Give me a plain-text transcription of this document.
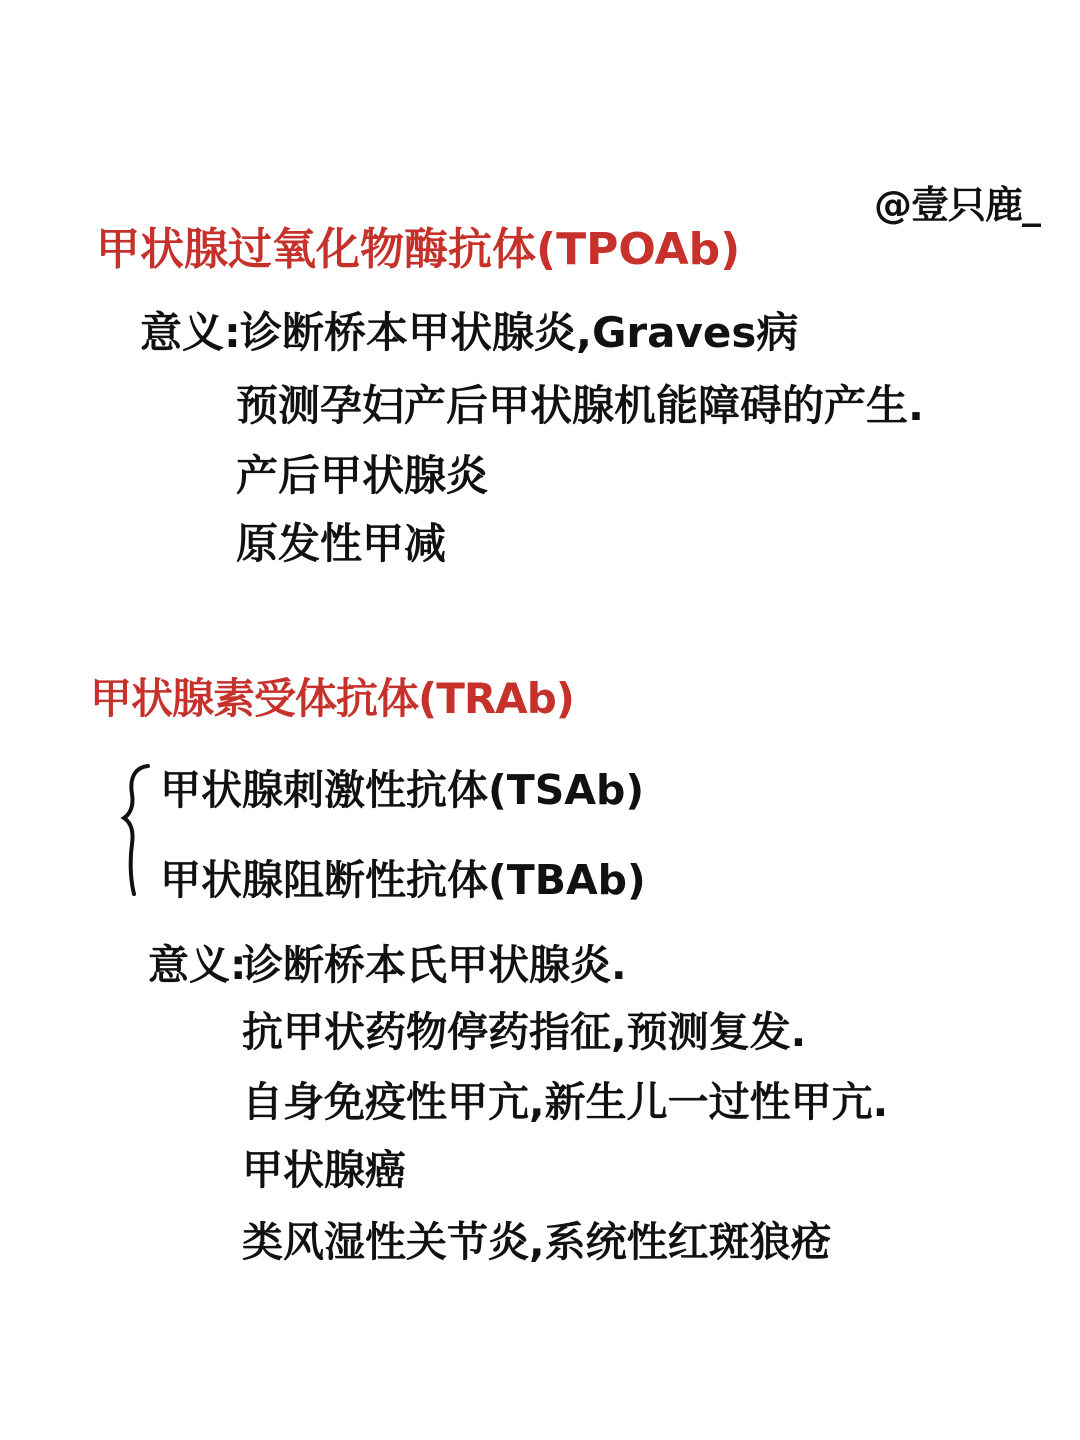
@壹只鹿_
甲状腺过氧化物酶抗体(TPOAb)
意义: 诊断桥本甲状腺炎,Graves病
预测孕妇产后甲状腺机能障碍的产生.
产后甲状腺炎
原发性甲减
甲状腺素受体抗体(TRAb)
甲状腺刺激性抗体(TSAb)
甲状腺阻断性抗体(TBAb)
意义:
诊断桥本氏甲状腺炎.
抗甲状药物停药指征,预测复发.
自身免疫性甲亢,新生儿一过性甲亢.
甲状腺癌
类风湿性关节炎,系统性红斑狼疮
